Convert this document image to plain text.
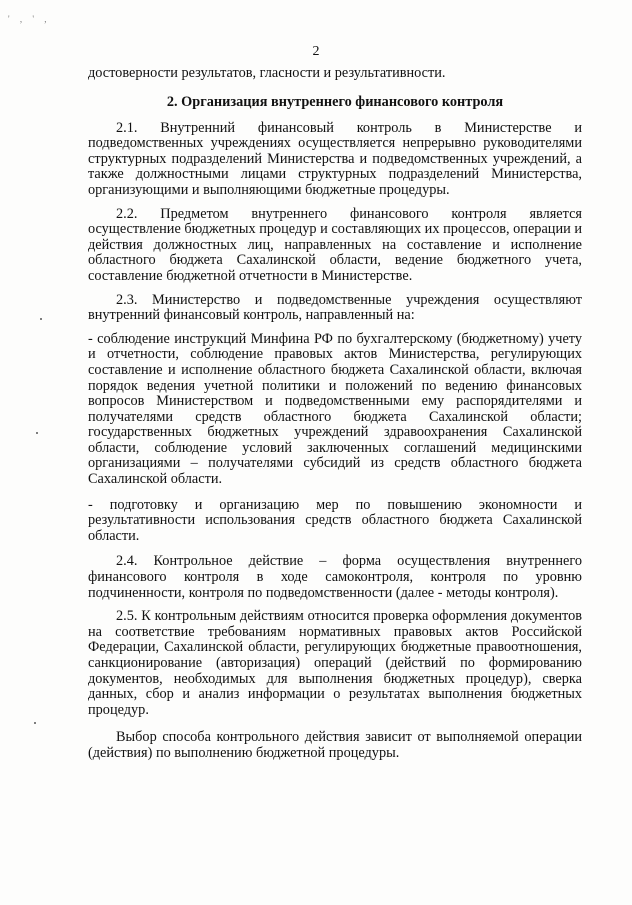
' , ' ,
2

достоверности результатов, гласности и результативности.

2. Организация внутреннего финансового контроля

2.1. Внутренний финансовый контроль в Министерстве и подведомственных учреждениях осуществляется непрерывно руководителями структурных подразделений Министерства и подведомственных учреждений, а также должностными лицами структурных подразделений Министерства, организующими и выполняющими бюджетные процедуры.

2.2. Предметом внутреннего финансового контроля является осуществление бюджетных процедур и составляющих их процессов, операции и действия должностных лиц, направленных на составление и исполнение областного бюджета Сахалинской области, ведение бюджетного учета, составление бюджетной отчетности в Министерстве.

2.3. Министерство и подведомственные учреждения осуществляют внутренний финансовый контроль, направленный на:

- соблюдение инструкций Минфина РФ по бухгалтерскому (бюджетному) учету и отчетности, соблюдение правовых актов Министерства, регулирующих составление и исполнение областного бюджета Сахалинской области, включая порядок ведения учетной политики и положений по ведению финансовых вопросов Министерством и подведомственными ему распорядителями и получателями средств областного бюджета Сахалинской области; государственных бюджетных учреждений здравоохранения Сахалинской области, соблюдение условий заключенных соглашений медицинскими организациями – получателями субсидий из средств областного бюджета Сахалинской области.

- подготовку и организацию мер по повышению экономности и результативности использования средств областного бюджета Сахалинской области.

2.4. Контрольное действие – форма осуществления внутреннего финансового контроля в ходе самоконтроля, контроля по уровню подчиненности, контроля по подведомственности (далее - методы контроля).

2.5. К контрольным действиям относится проверка оформления документов на соответствие требованиям нормативных правовых актов Российской Федерации, Сахалинской области, регулирующих бюджетные правоотношения, санкционирование (авторизация) операций (действий по формированию документов, необходимых для выполнения бюджетных процедур), сверка данных, сбор и анализ информации о результатах выполнения бюджетных процедур.

Выбор способа контрольного действия зависит от выполняемой операции (действия) по выполнению бюджетной процедуры.
